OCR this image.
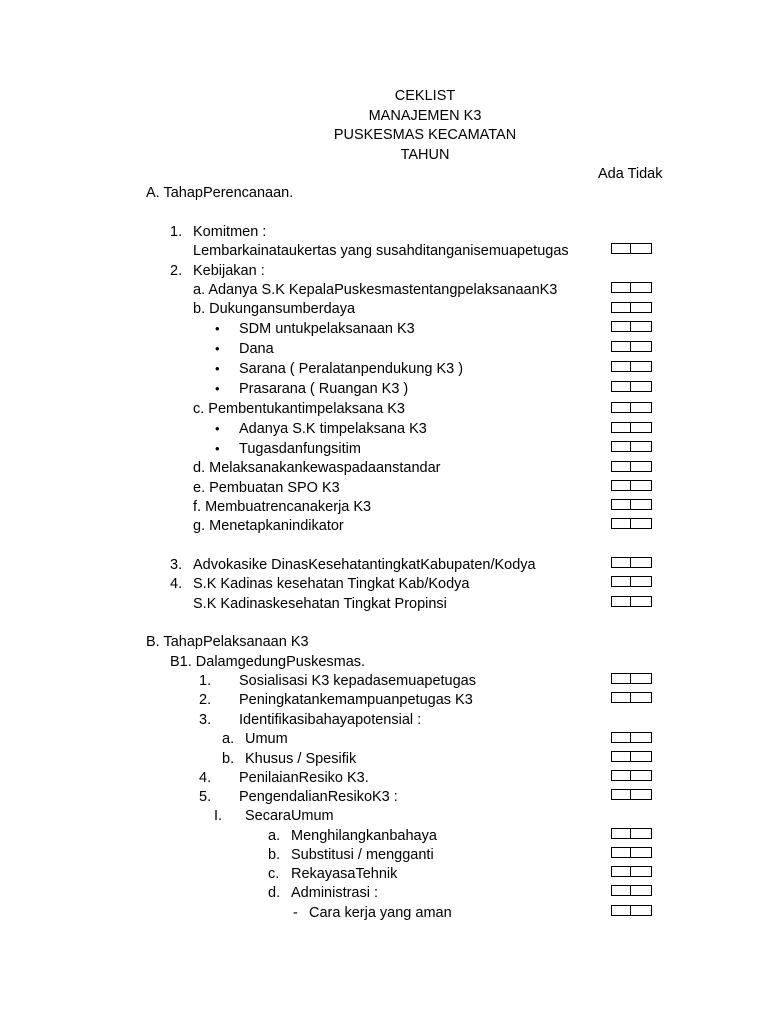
CEKLIST
MANAJEMEN K3
PUSKESMAS KECAMATAN
TAHUN
Ada Tidak
A. TahapPerencanaan.
1. Komitmen :
Lembarkainataukertas yang susahditanganisemuapetugas
2. Kebijakan :
a. Adanya S.K KepalaPuskesmastentangpelaksanaanK3
b. Dukungansumberdaya
• SDM untukpelaksanaan K3
• Dana
• Sarana ( Peralatanpendukung K3 )
• Prasarana ( Ruangan K3 )
c. Pembentukantimpelaksana K3
• Adanya S.K timpelaksana K3
• Tugasdanfungsitim
d. Melaksanakankewaspadaanstandar
e. Pembuatan SPO K3
f. Membuatrencanakerja K3
g. Menetapkanindikator
3. Advokasike DinasKesehatantingkatKabupaten/Kodya
4. S.K Kadinas kesehatan Tingkat Kab/Kodya
S.K Kadinaskesehatan Tingkat Propinsi
B. TahapPelaksanaan K3
B1. DalamgedungPuskesmas.
1. Sosialisasi K3 kepadasemuapetugas
2. Peningkatankemampuanpetugas K3
3. Identifikasibahayapotensial :
a. Umum
b. Khusus / Spesifik
4. PenilaianResiko K3.
5. PengendalianResikoK3 :
I. SecaraUmum
a. Menghilangkanbahaya
b. Substitusi / mengganti
c. RekayasaTehnik
d. Administrasi :
- Cara kerja yang aman
